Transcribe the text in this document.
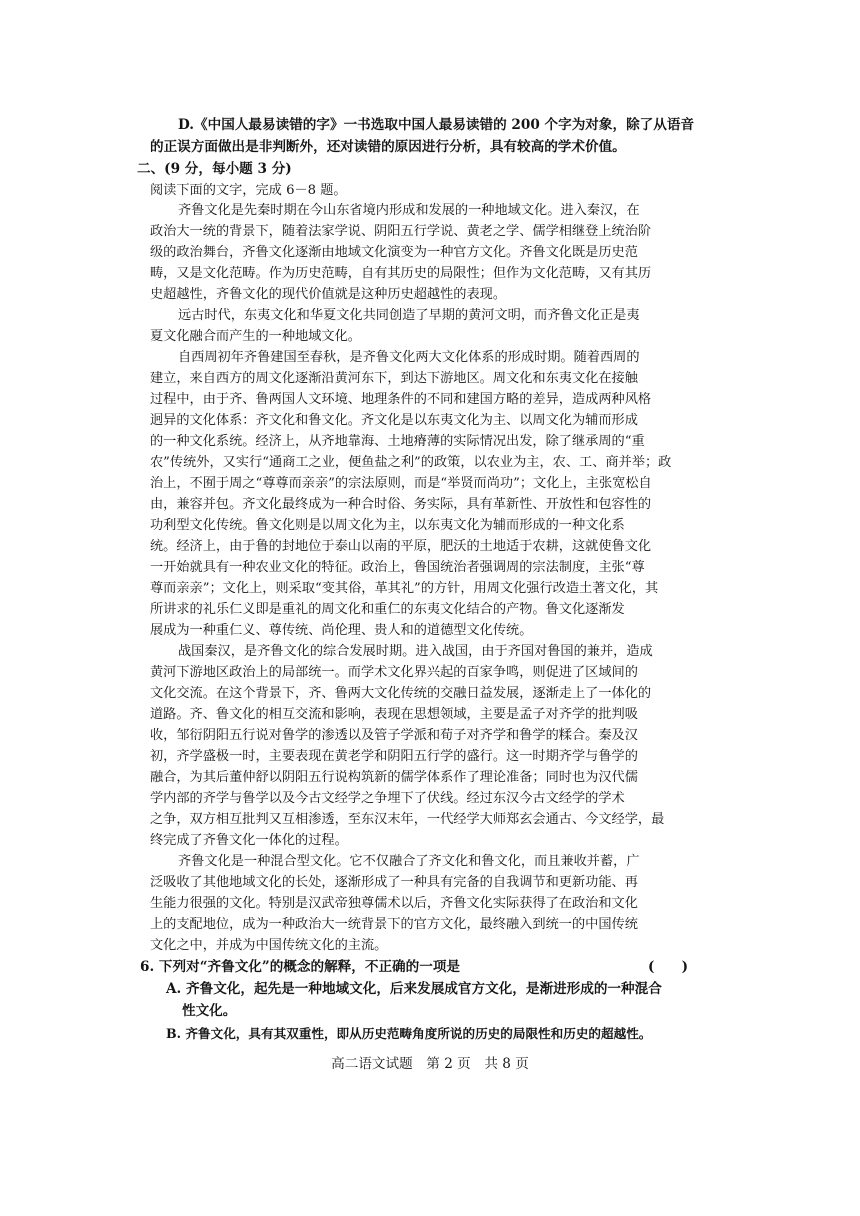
D.《中国人最易读错的字》一书选取中国人最易读错的 200 个字为对象，除了从语音

的正误方面做出是非判断外，还对读错的原因进行分析，具有较高的学术价值。

二、(9 分，每小题 3 分)

阅读下面的文字，完成 6－8 题。

齐鲁文化是先秦时期在今山东省境内形成和发展的一种地域文化。进入秦汉，在

政治大一统的背景下，随着法家学说、阴阳五行学说、黄老之学、儒学相继登上统治阶

级的政治舞台，齐鲁文化逐渐由地域文化演变为一种官方文化。齐鲁文化既是历史范

畴，又是文化范畴。作为历史范畴，自有其历史的局限性；但作为文化范畴，又有其历

史超越性，齐鲁文化的现代价值就是这种历史超越性的表现。

远古时代，东夷文化和华夏文化共同创造了早期的黄河文明，而齐鲁文化正是夷

夏文化融合而产生的一种地域文化。

自西周初年齐鲁建国至春秋，是齐鲁文化两大文化体系的形成时期。随着西周的

建立，来自西方的周文化逐渐沿黄河东下，到达下游地区。周文化和东夷文化在接触

过程中，由于齐、鲁两国人文环境、地理条件的不同和建国方略的差异，造成两种风格

迥异的文化体系：齐文化和鲁文化。齐文化是以东夷文化为主、以周文化为辅而形成

的一种文化系统。经济上，从齐地靠海、土地瘠薄的实际情况出发，除了继承周的“重

农”传统外，又实行“通商工之业，便鱼盐之利”的政策，以农业为主，农、工、商并举；政

治上，不囿于周之“尊尊而亲亲”的宗法原则，而是“举贤而尚功”；文化上，主张宽松自

由，兼容并包。齐文化最终成为一种合时俗、务实际，具有革新性、开放性和包容性的

功利型文化传统。鲁文化则是以周文化为主，以东夷文化为辅而形成的一种文化系

统。经济上，由于鲁的封地位于泰山以南的平原，肥沃的土地适于农耕，这就使鲁文化

一开始就具有一种农业文化的特征。政治上，鲁国统治者强调周的宗法制度，主张“尊

尊而亲亲”；文化上，则采取“变其俗，革其礼”的方针，用周文化强行改造土著文化，其

所讲求的礼乐仁义即是重礼的周文化和重仁的东夷文化结合的产物。鲁文化逐渐发

展成为一种重仁义、尊传统、尚伦理、贵人和的道德型文化传统。

战国秦汉，是齐鲁文化的综合发展时期。进入战国，由于齐国对鲁国的兼并，造成

黄河下游地区政治上的局部统一。而学术文化界兴起的百家争鸣，则促进了区域间的

文化交流。在这个背景下，齐、鲁两大文化传统的交融日益发展，逐渐走上了一体化的

道路。齐、鲁文化的相互交流和影响，表现在思想领域，主要是孟子对齐学的批判吸

收，邹衍阴阳五行说对鲁学的渗透以及管子学派和荀子对齐学和鲁学的糅合。秦及汉

初，齐学盛极一时，主要表现在黄老学和阴阳五行学的盛行。这一时期齐学与鲁学的

融合，为其后董仲舒以阴阳五行说构筑新的儒学体系作了理论准备；同时也为汉代儒

学内部的齐学与鲁学以及今古文经学之争埋下了伏线。经过东汉今古文经学的学术

之争，双方相互批判又互相渗透，至东汉末年，一代经学大师郑玄会通古、今文经学，最

终完成了齐鲁文化一体化的过程。

齐鲁文化是一种混合型文化。它不仅融合了齐文化和鲁文化，而且兼收并蓄，广

泛吸收了其他地域文化的长处，逐渐形成了一种具有完备的自我调节和更新功能、再

生能力很强的文化。特别是汉武帝独尊儒术以后，齐鲁文化实际获得了在政治和文化

上的支配地位，成为一种政治大一统背景下的官方文化，最终融入到统一的中国传统

文化之中，并成为中国传统文化的主流。

6. 下列对“齐鲁文化”的概念的解释，不正确的一项是	(　　)

A. 齐鲁文化，起先是一种地域文化，后来发展成官方文化，是渐进形成的一种混合

性文化。

B. 齐鲁文化，具有其双重性，即从历史范畴角度所说的历史的局限性和历史的超越性。

高二语文试题　第 2 页　共 8 页
